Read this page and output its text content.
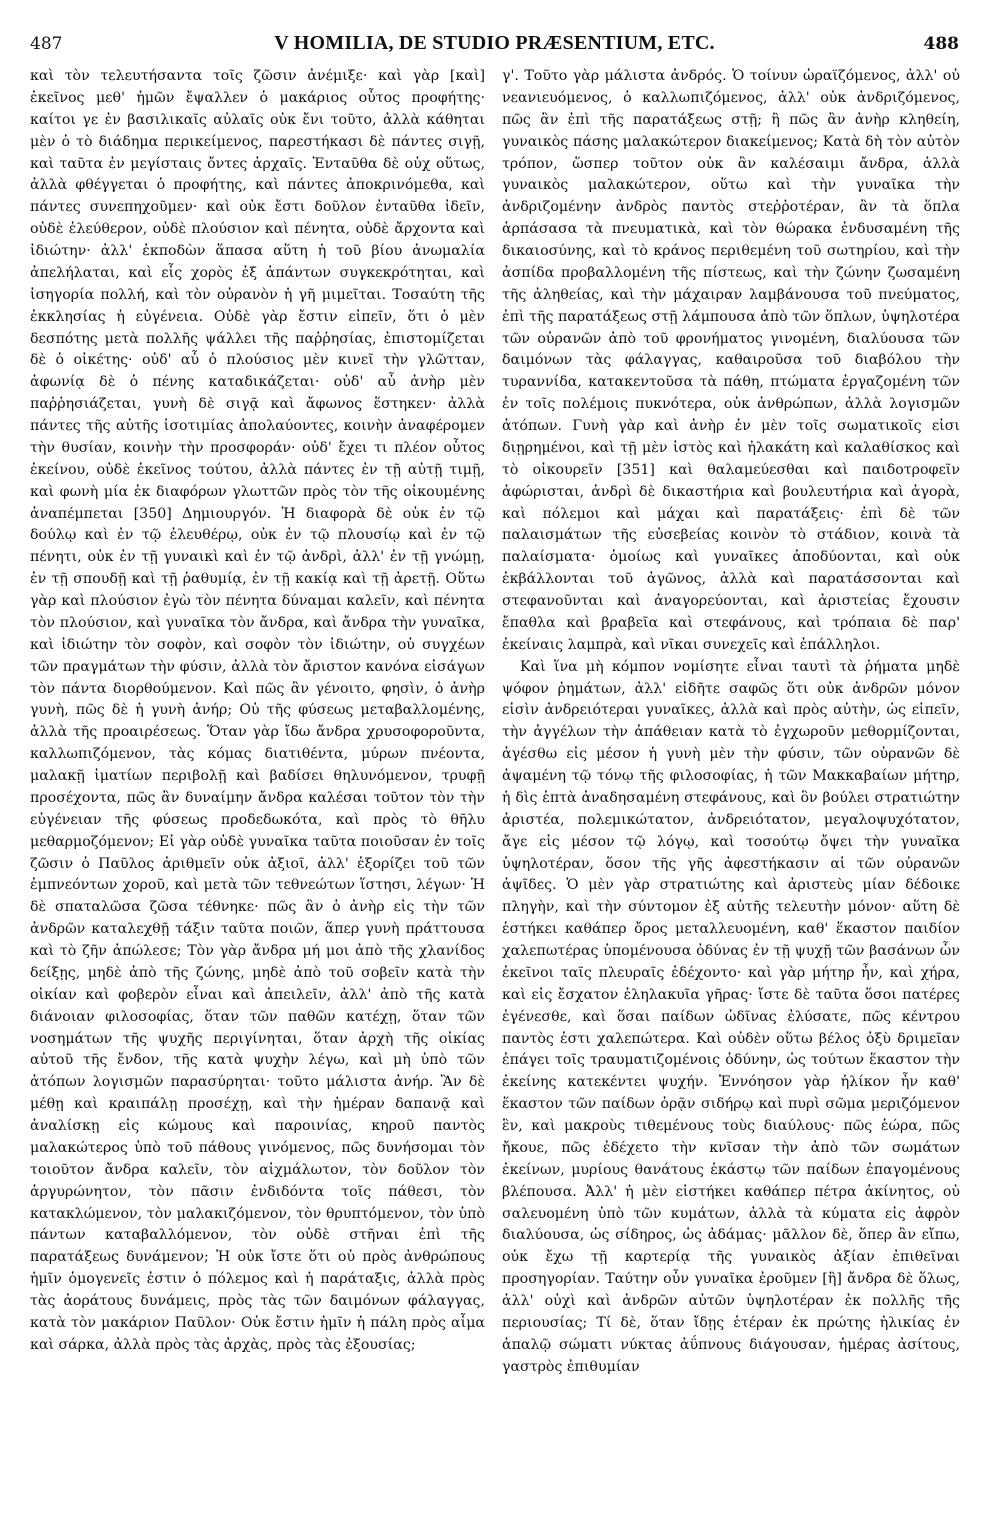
487	V HOMILIA, DE STUDIO PRÆSENTIUM, ETC.	488

καὶ τὸν τελευτήσαντα τοῖς ζῶσιν ἀνέμιξε· καὶ γὰρ [καὶ] ἐκεῖνος μεθ' ἡμῶν ἔψαλλεν ὁ μακάριος οὗτος προφήτης· καίτοι γε ἐν βασιλικαῖς αὐλαῖς οὐκ ἔνι τοῦτο, ἀλλὰ κάθηται μὲν ὁ τὸ διάδημα περικείμενος, παρεστήκασι δὲ πάντες σιγῇ, καὶ ταῦτα ἐν μεγίσταις ὄντες ἀρχαῖς. Ἐνταῦθα δὲ οὐχ οὕτως, ἀλλὰ φθέγγεται ὁ προφήτης, καὶ πάντες ἀποκρινόμεθα, καὶ πάντες συνεπηχοῦμεν· καὶ οὐκ ἔστι δοῦλον ἐνταῦθα ἰδεῖν, οὐδὲ ἐλεύθερον, οὐδὲ πλούσιον καὶ πένητα, οὐδὲ ἄρχοντα καὶ ἰδιώτην· ἀλλ' ἐκποδὼν ἅπασα αὕτη ἡ τοῦ βίου ἀνωμαλία ἀπελήλαται, καὶ εἷς χορὸς ἐξ ἁπάντων συγκεκρότηται, καὶ ἰσηγορία πολλή, καὶ τὸν οὐρανὸν ἡ γῆ μιμεῖται. Τοσαύτη τῆς ἐκκλησίας ἡ εὐγένεια. Οὐδὲ γὰρ ἔστιν εἰπεῖν, ὅτι ὁ μὲν δεσπότης μετὰ πολλῆς ψάλλει τῆς παῤῥησίας, ἐπιστομίζεται δὲ ὁ οἰκέτης· οὐδ' αὖ ὁ πλούσιος μὲν κινεῖ τὴν γλῶτταν, ἀφωνίᾳ δὲ ὁ πένης καταδικάζεται· οὐδ' αὖ ἀνὴρ μὲν παῤῥησιάζεται, γυνὴ δὲ σιγᾷ καὶ ἄφωνος ἕστηκεν· ἀλλὰ πάντες τῆς αὐτῆς ἰσοτιμίας ἀπολαύοντες, κοινὴν ἀναφέρομεν τὴν θυσίαν, κοινὴν τὴν προσφοράν· οὐδ' ἔχει τι πλέον οὗτος ἐκείνου, οὐδὲ ἐκεῖνος τούτου, ἀλλὰ πάντες ἐν τῇ αὐτῇ τιμῇ, καὶ φωνὴ μία ἐκ διαφόρων γλωττῶν πρὸς τὸν τῆς οἰκουμένης ἀναπέμπεται [350] Δημιουργόν. Ἡ διαφορὰ δὲ οὐκ ἐν τῷ δούλῳ καὶ ἐν τῷ ἐλευθέρῳ, οὐκ ἐν τῷ πλουσίῳ καὶ ἐν τῷ πένητι, οὐκ ἐν τῇ γυναικὶ καὶ ἐν τῷ ἀνδρὶ, ἀλλ' ἐν τῇ γνώμῃ, ἐν τῇ σπουδῇ καὶ τῇ ῥαθυμίᾳ, ἐν τῇ κακίᾳ καὶ τῇ ἀρετῇ. Οὕτω γὰρ καὶ πλούσιον ἐγὼ τὸν πένητα δύναμαι καλεῖν, καὶ πένητα τὸν πλούσιον, καὶ γυναῖκα τὸν ἄνδρα, καὶ ἄνδρα τὴν γυναῖκα, καὶ ἰδιώτην τὸν σοφὸν, καὶ σοφὸν τὸν ἰδιώτην, οὐ συγχέων τῶν πραγμάτων τὴν φύσιν, ἀλλὰ τὸν ἄριστον κανόνα εἰσάγων τὸν πάντα διορθούμενον. Καὶ πῶς ἂν γένοιτο, φησὶν, ὁ ἀνὴρ γυνὴ, πῶς δὲ ἡ γυνὴ ἀνήρ; Οὐ τῆς φύσεως μεταβαλλομένης, ἀλλὰ τῆς προαιρέσεως. Ὅταν γὰρ ἴδω ἄνδρα χρυσοφοροῦντα, καλλωπιζόμενον, τὰς κόμας διατιθέντα, μύρων πνέοντα, μαλακῇ ἱματίων περιβολῇ καὶ βαδίσει θηλυνόμενον, τρυφῇ προσέχοντα, πῶς ἂν δυναίμην ἄνδρα καλέσαι τοῦτον τὸν τὴν εὐγένειαν τῆς φύσεως προδεδωκότα, καὶ πρὸς τὸ θῆλυ μεθαρμοζόμενον; Εἰ γὰρ οὐδὲ γυναῖκα ταῦτα ποιοῦσαν ἐν τοῖς ζῶσιν ὁ Παῦλος ἀριθμεῖν οὐκ ἀξιοῖ, ἀλλ' ἐξορίζει τοῦ τῶν ἐμπνεόντων χοροῦ, καὶ μετὰ τῶν τεθνεώτων ἵστησι, λέγων· Ἡ δὲ σπαταλῶσα ζῶσα τέθνηκε· πῶς ἂν ὁ ἀνὴρ εἰς τὴν τῶν ἀνδρῶν καταλεχθῇ τάξιν ταῦτα ποιῶν, ἅπερ γυνὴ πράττουσα καὶ τὸ ζῆν ἀπώλεσε; Τὸν γὰρ ἄνδρα μή μοι ἀπὸ τῆς χλανίδος δείξῃς, μηδὲ ἀπὸ τῆς ζώνης, μηδὲ ἀπὸ τοῦ σοβεῖν κατὰ τὴν οἰκίαν καὶ φοβερὸν εἶναι καὶ ἀπειλεῖν, ἀλλ' ἀπὸ τῆς κατὰ διάνοιαν φιλοσοφίας, ὅταν τῶν παθῶν κατέχῃ, ὅταν τῶν νοσημάτων τῆς ψυχῆς περιγίνηται, ὅταν ἀρχὴ τῆς οἰκίας αὐτοῦ τῆς ἔνδον, τῆς κατὰ ψυχὴν λέγω, καὶ μὴ ὑπὸ τῶν ἀτόπων λογισμῶν παρασύρηται· τοῦτο μάλιστα ἀνήρ. Ἂν δὲ μέθῃ καὶ κραιπάλῃ προσέχῃ, καὶ τὴν ἡμέραν δαπανᾷ καὶ ἀναλίσκῃ εἰς κώμους καὶ παροινίας, κηροῦ παντὸς μαλακώτερος ὑπὸ τοῦ πάθους γινόμενος, πῶς δυνήσομαι τὸν τοιοῦτον ἄνδρα καλεῖν, τὸν αἰχμάλωτον, τὸν δοῦλον τὸν ἀργυρώνητον, τὸν πᾶσιν ἐνδιδόντα τοῖς πάθεσι, τὸν κατακλώμενον, τὸν μαλακιζόμενον, τὸν θρυπτόμενον, τὸν ὑπὸ πάντων καταβαλλόμενον, τὸν οὐδὲ στῆναι ἐπὶ τῆς παρατάξεως δυνάμενον; Ἡ οὐκ ἴστε ὅτι οὐ πρὸς ἀνθρώπους ἡμῖν ὁμογενεῖς ἐστιν ὁ πόλεμος καὶ ἡ παράταξις, ἀλλὰ πρὸς τὰς ἀοράτους δυνάμεις, πρὸς τὰς τῶν δαιμόνων φάλαγγας, κατὰ τὸν μακάριον Παῦλον· Οὐκ ἔστιν ἡμῖν ἡ πάλη πρὸς αἷμα καὶ σάρκα, ἀλλὰ πρὸς τὰς ἀρχὰς, πρὸς τὰς ἐξουσίας;

γ'. Τοῦτο γὰρ μάλιστα ἀνδρός. Ὁ τοίνυν ὡραϊζόμενος, ἀλλ' οὐ νεανιευόμενος, ὁ καλλωπιζόμενος, ἀλλ' οὐκ ἀνδριζόμενος, πῶς ἂν ἐπὶ τῆς παρατάξεως στῇ; ἢ πῶς ἂν ἀνὴρ κληθείη, γυναικὸς πάσης μαλακώτερον διακείμενος; Κατὰ δὴ τὸν αὐτὸν τρόπον, ὥσπερ τοῦτον οὐκ ἂν καλέσαιμι ἄνδρα, ἀλλὰ γυναικὸς μαλακώτερον, οὕτω καὶ τὴν γυναῖκα τὴν ἀνδριζομένην ἀνδρὸς παντὸς στεῤῥοτέραν, ἂν τὰ ὅπλα ἁρπάσασα τὰ πνευματικὰ, καὶ τὸν θώρακα ἐνδυσαμένη τῆς δικαιοσύνης, καὶ τὸ κράνος περιθεμένη τοῦ σωτηρίου, καὶ τὴν ἀσπίδα προβαλλομένη τῆς πίστεως, καὶ τὴν ζώνην ζωσαμένη τῆς ἀληθείας, καὶ τὴν μάχαιραν λαμβάνουσα τοῦ πνεύματος, ἐπὶ τῆς παρατάξεως στῇ λάμπουσα ἀπὸ τῶν ὅπλων, ὑψηλοτέρα τῶν οὐρανῶν ἀπὸ τοῦ φρονήματος γινομένη, διαλύουσα τῶν δαιμόνων τὰς φάλαγγας, καθαιροῦσα τοῦ διαβόλου τὴν τυραννίδα, κατακεντοῦσα τὰ πάθη, πτώματα ἐργαζομένη τῶν ἐν τοῖς πολέμοις πυκνότερα, οὐκ ἀνθρώπων, ἀλλὰ λογισμῶν ἀτόπων. Γυνὴ γὰρ καὶ ἀνὴρ ἐν μὲν τοῖς σωματικοῖς εἰσι διῃρημένοι, καὶ τῇ μὲν ἱστὸς καὶ ἠλακάτη καὶ καλαθίσκος καὶ τὸ οἰκουρεῖν [351] καὶ θαλαμεύεσθαι καὶ παιδοτροφεῖν ἀφώρισται, ἀνδρὶ δὲ δικαστήρια καὶ βουλευτήρια καὶ ἀγορὰ, καὶ πόλεμοι καὶ μάχαι καὶ παρατάξεις· ἐπὶ δὲ τῶν παλαισμάτων τῆς εὐσεβείας κοινὸν τὸ στάδιον, κοινὰ τὰ παλαίσματα· ὁμοίως καὶ γυναῖκες ἀποδύονται, καὶ οὐκ ἐκβάλλονται τοῦ ἀγῶνος, ἀλλὰ καὶ παρατάσσονται καὶ στεφανοῦνται καὶ ἀναγορεύονται, καὶ ἀριστείας ἔχουσιν ἔπαθλα καὶ βραβεῖα καὶ στεφάνους, καὶ τρόπαια δὲ παρ' ἐκείναις λαμπρὰ, καὶ νῖκαι συνεχεῖς καὶ ἐπάλληλοι.

Καὶ ἵνα μὴ κόμπον νομίσητε εἶναι ταυτὶ τὰ ῥήματα μηδὲ ψόφον ῥημάτων, ἀλλ' εἰδῆτε σαφῶς ὅτι οὐκ ἀνδρῶν μόνον εἰσὶν ἀνδρειότεραι γυναῖκες, ἀλλὰ καὶ πρὸς αὐτὴν, ὡς εἰπεῖν, τὴν ἀγγέλων τὴν ἀπάθειαν κατὰ τὸ ἐγχωροῦν μεθορμίζονται, ἀγέσθω εἰς μέσον ἡ γυνὴ μὲν τὴν φύσιν, τῶν οὐρανῶν δὲ ἁψαμένη τῷ τόνῳ τῆς φιλοσοφίας, ἡ τῶν Μακκαβαίων μήτηρ, ἡ δὶς ἑπτὰ ἀναδησαμένη στεφάνους, καὶ ὃν βούλει στρατιώτην ἀριστέα, πολεμικώτατον, ἀνδρειότατον, μεγαλοψυχότατον, ἄγε εἰς μέσον τῷ λόγῳ, καὶ τοσούτῳ ὄψει τὴν γυναῖκα ὑψηλοτέραν, ὅσον τῆς γῆς ἀφεστήκασιν αἱ τῶν οὐρανῶν ἀψῖδες. Ὁ μὲν γὰρ στρατιώτης καὶ ἀριστεὺς μίαν δέδοικε πληγὴν, καὶ τὴν σύντομον ἐξ αὐτῆς τελευτὴν μόνον· αὕτη δὲ ἑστήκει καθάπερ ὄρος μεταλλευομένη, καθ' ἕκαστον παιδίον χαλεπωτέρας ὑπομένουσα ὀδύνας ἐν τῇ ψυχῇ τῶν βασάνων ὧν ἐκεῖνοι ταῖς πλευραῖς ἐδέχοντο· καὶ γὰρ μήτηρ ἦν, καὶ χήρα, καὶ εἰς ἔσχατον ἐληλακυῖα γῆρας· ἴστε δὲ ταῦτα ὅσοι πατέρες ἐγένεσθε, καὶ ὅσαι παίδων ὠδῖνας ἐλύσατε, πῶς κέντρου παντὸς ἐστι χαλεπώτερα. Καὶ οὐδὲν οὕτω βέλος ὀξὺ δριμεῖαν ἐπάγει τοῖς τραυματιζομένοις ὀδύνην, ὡς τούτων ἕκαστον τὴν ἐκείνης κατεκέντει ψυχήν. Ἐννόησον γὰρ ἡλίκον ἦν καθ' ἕκαστον τῶν παίδων ὁρᾷν σιδήρῳ καὶ πυρὶ σῶμα μεριζόμενον ἓν, καὶ μακροὺς τιθεμένους τοὺς διαύλους· πῶς ἑώρα, πῶς ἤκουε, πῶς ἐδέχετο τὴν κνῖσαν τὴν ἀπὸ τῶν σωμάτων ἐκείνων, μυρίους θανάτους ἑκάστῳ τῶν παίδων ἐπαγομένους βλέπουσα. Ἀλλ' ἡ μὲν εἱστήκει καθάπερ πέτρα ἀκίνητος, οὐ σαλευομένη ὑπὸ τῶν κυμάτων, ἀλλὰ τὰ κύματα εἰς ἀφρὸν διαλύουσα, ὡς σίδηρος, ὡς ἀδάμας· μᾶλλον δὲ, ὅπερ ἂν εἴπω, οὐκ ἔχω τῇ καρτερίᾳ τῆς γυναικὸς ἀξίαν ἐπιθεῖναι προσηγορίαν. Ταύτην οὖν γυναῖκα ἐροῦμεν [ἢ] ἄνδρα δὲ ὅλως, ἀλλ' οὐχὶ καὶ ἀνδρῶν αὐτῶν ὑψηλοτέραν ἐκ πολλῆς τῆς περιουσίας; Τί δὲ, ὅταν ἴδῃς ἑτέραν ἐκ πρώτης ἡλικίας ἐν ἁπαλῷ σώματι νύκτας ἀΰπνους διάγουσαν, ἡμέρας ἀσίτους, γαστρὸς ἐπιθυμίαν
